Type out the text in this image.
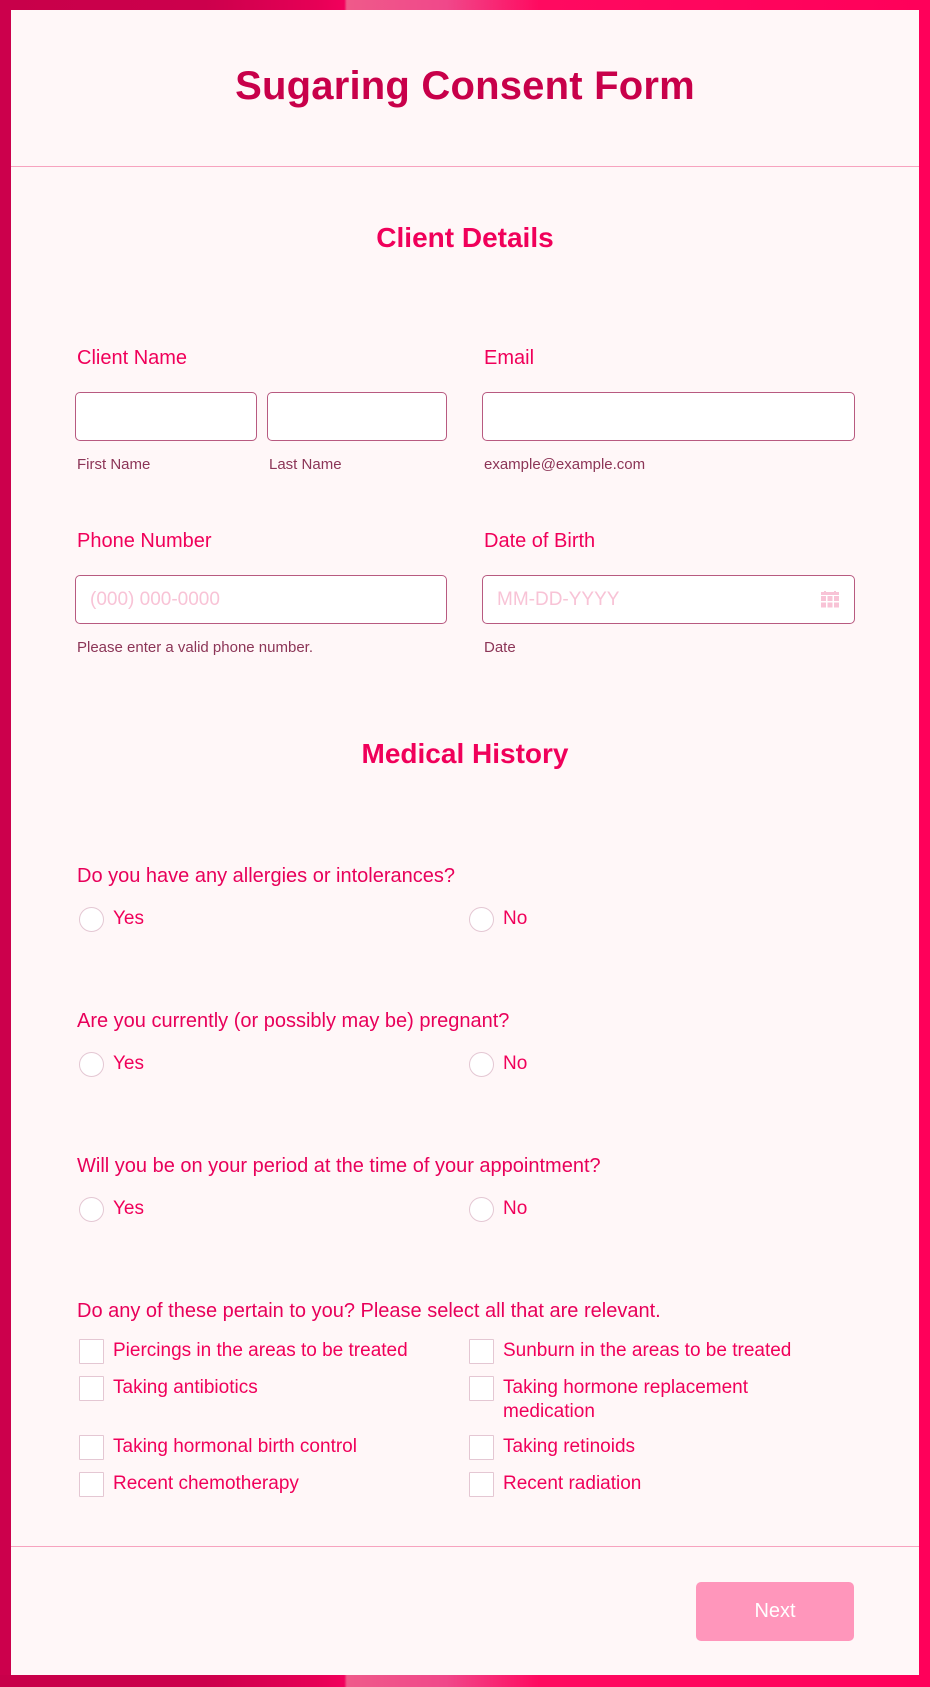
Sugaring Consent Form
Client Details
Client Name
First Name	Last Name
Email
example@example.com
Phone Number
(000) 000-0000
Please enter a valid phone number.
Date of Birth
MM-DD-YYYY
Date
Medical History
Do you have any allergies or intolerances?
Yes	No
Are you currently (or possibly may be) pregnant?
Yes	No
Will you be on your period at the time of your appointment?
Yes	No
Do any of these pertain to you? Please select all that are relevant.
Piercings in the areas to be treated	Sunburn in the areas to be treated
Taking antibiotics	Taking hormone replacement medication
Taking hormonal birth control	Taking retinoids
Recent chemotherapy	Recent radiation
Next
